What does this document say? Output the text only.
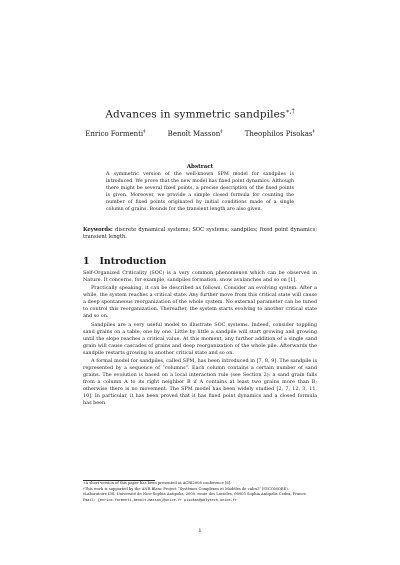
Advances in symmetric sandpiles∗,†
Enrico Formenti‡	Benoît Masson‡	Theophilos Pisokas‡
Abstract
A symmetric version of the well-known SPM model for sandpiles is introduced. We prove that the new model has fixed point dynamics. Although there might be several fixed points, a precise description of the fixed points is given. Moreover, we provide a simple closed formula for counting the number of fixed points originated by initial conditions made of a single column of grains. Bounds for the transient length are also given.
Keywords: discrete dynamical systems; SOC systems; sandpiles; fixed point dynamics; transient length.
1 Introduction

Self-Organized Criticality (SOC) is a very common phenomenon which can be observed in Nature. It concerns, for example, sandpiles formation, snow avalanches and so on [1].

Practically speaking, it can be described as follows. Consider an evolving system. After a while, the system reaches a critical state. Any further move from this critical state will cause a deep spontaneous reorganization of the whole system. No external parameter can be tuned to control this reorganization. Thereafter, the system starts evolving to another critical state and so on.

Sandpiles are a very useful model to illustrate SOC systems. Indeed, consider toppling sand grains on a table, one by one. Little by little a sandpile will start growing and growing until the slope reaches a critical value. At this moment, any further addition of a single sand grain will cause cascades of grains and deep reorganization of the whole pile. Afterwards the sandpile restarts growing to another critical state and so on.

A formal model for sandpiles, called SPM, has been introduced in [7, 8, 9]. The sandpile is represented by a sequence of “columns”. Each column contains a certain number of sand grains. The evolution is based on a local interaction rule (see Section 2): a sand grain falls from a column A to its right neighbor B if A contains at least two grains more than B; otherwise there is no movement. The SPM model has been widely studied [2, 7, 12, 3, 11, 10]. In particular, it has been proved that it has fixed point dynamics and a closed formula has been

∗A short version of this paper has been presented at ACRI2008 conference [6].

†This work is supported by the ANR Blanc Project “Systèmes Complexes et Modèles de calcul” (SYCOMORE).

‡Laboratoire I3S, Université de Nice-Sophia Antipolis, 2000, route des Lucioles, 06903 Sophia Antipolis Cedex, France.

Email: {enrico.formenti,benoit.masson}@unice.fr pisokas@polytech.unice.fr

1
